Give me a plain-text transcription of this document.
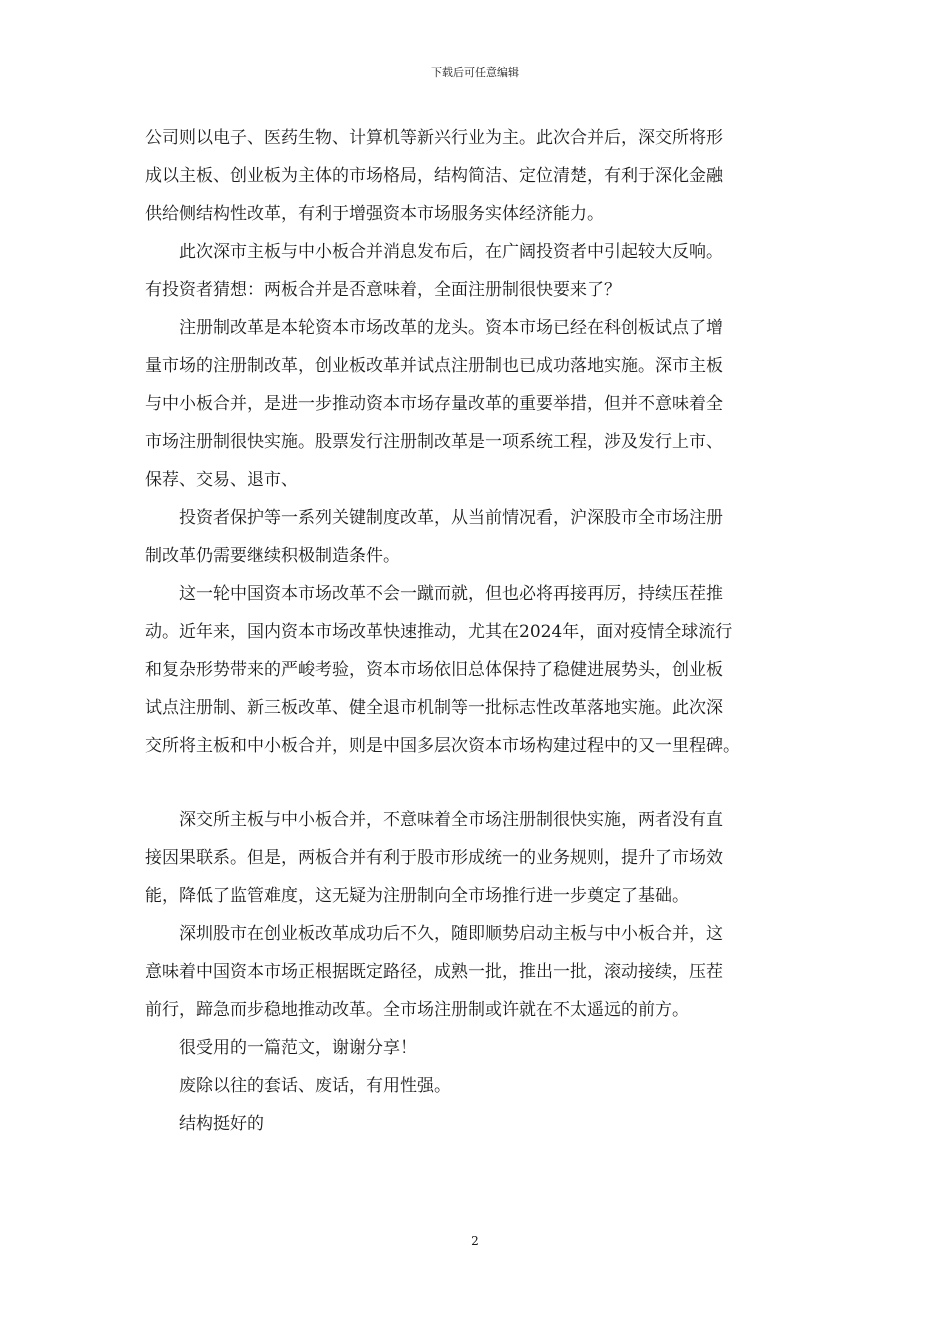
下载后可任意编辑

公司则以电子、医药生物、计算机等新兴行业为主。此次合并后，深交所将形

成以主板、创业板为主体的市场格局，结构简洁、定位清楚，有利于深化金融

供给侧结构性改革，有利于增强资本市场服务实体经济能力。

此次深市主板与中小板合并消息发布后，在广阔投资者中引起较大反响。

有投资者猜想：两板合并是否意味着，全面注册制很快要来了？

注册制改革是本轮资本市场改革的龙头。资本市场已经在科创板试点了增

量市场的注册制改革，创业板改革并试点注册制也已成功落地实施。深市主板

与中小板合并，是进一步推动资本市场存量改革的重要举措，但并不意味着全

市场注册制很快实施。股票发行注册制改革是一项系统工程，涉及发行上市、

保荐、交易、退市、

投资者保护等一系列关键制度改革，从当前情况看，沪深股市全市场注册

制改革仍需要继续积极制造条件。

这一轮中国资本市场改革不会一蹴而就，但也必将再接再厉，持续压茬推

动。近年来，国内资本市场改革快速推动，尤其在2024年，面对疫情全球流行

和复杂形势带来的严峻考验，资本市场依旧总体保持了稳健进展势头，创业板

试点注册制、新三板改革、健全退市机制等一批标志性改革落地实施。此次深

交所将主板和中小板合并，则是中国多层次资本市场构建过程中的又一里程碑。

深交所主板与中小板合并，不意味着全市场注册制很快实施，两者没有直

接因果联系。但是，两板合并有利于股市形成统一的业务规则，提升了市场效

能，降低了监管难度，这无疑为注册制向全市场推行进一步奠定了基础。

深圳股市在创业板改革成功后不久，随即顺势启动主板与中小板合并，这

意味着中国资本市场正根据既定路径，成熟一批，推出一批，滚动接续，压茬

前行，蹄急而步稳地推动改革。全市场注册制或许就在不太遥远的前方。

很受用的一篇范文，谢谢分享！

废除以往的套话、废话，有用性强。

结构挺好的

2
